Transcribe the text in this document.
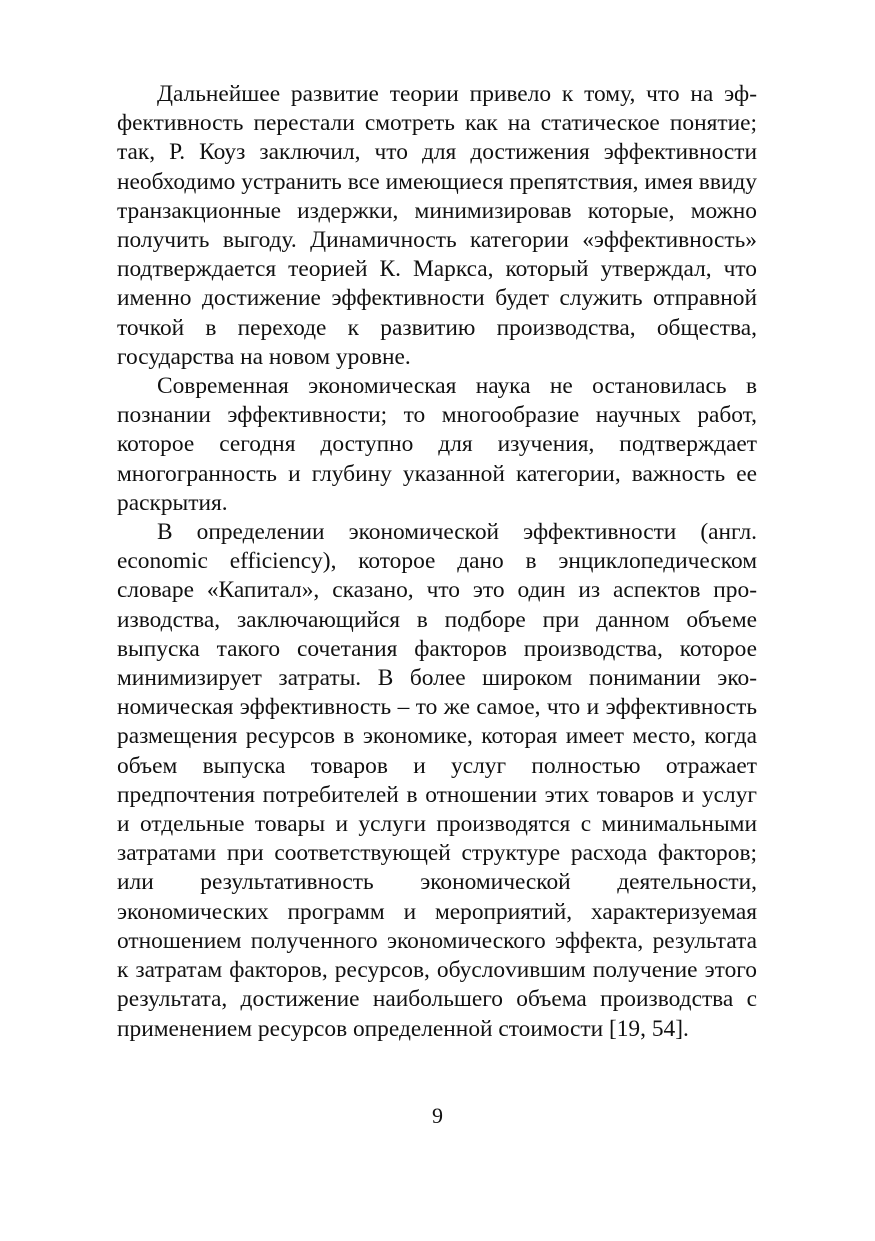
Дальнейшее развитие теории привело к тому, что на эффективность перестали смотреть как на статическое понятие; так, Р. Коуз заключил, что для достижения эффективности необходимо устранить все имеющиеся препятствия, имея ввиду транзакционные издержки, минимизировав которые, можно получить выгоду. Динамичность категории «эффективность» подтверждается теорией К. Маркса, который утверждал, что именно достижение эффективности будет служить отправной точкой в переходе к развитию производства, общества, государства на новом уровне.

Современная экономическая наука не остановилась в познании эффективности; то многообразие научных работ, которое сегодня доступно для изучения, подтверждает многогранность и глубину указанной категории, важность ее раскрытия.

В определении экономической эффективности (англ. economic efficiency), которое дано в энциклопедическом словаре «Капитал», сказано, что это один из аспектов производства, заключающийся в подборе при данном объеме выпуска такого сочетания факторов производства, которое минимизирует затраты. В более широком понимании экономическая эффективность – то же самое, что и эффективность размещения ресурсов в экономике, которая имеет место, когда объем выпуска товаров и услуг полностью отражает предпочтения потребителей в отношении этих товаров и услуг и отдельные товары и услуги производятся с минимальными затратами при соответствующей структуре расхода факторов; или результативность экономической деятельности, экономических программ и мероприятий, характеризуемая отношением полученного экономического эффекта, результата к затратам факторов, ресурсов, обуслоvившим получение этого результата, достижение наибольшего объема производства с применением ресурсов определенной стоимости [19, 54].

9
